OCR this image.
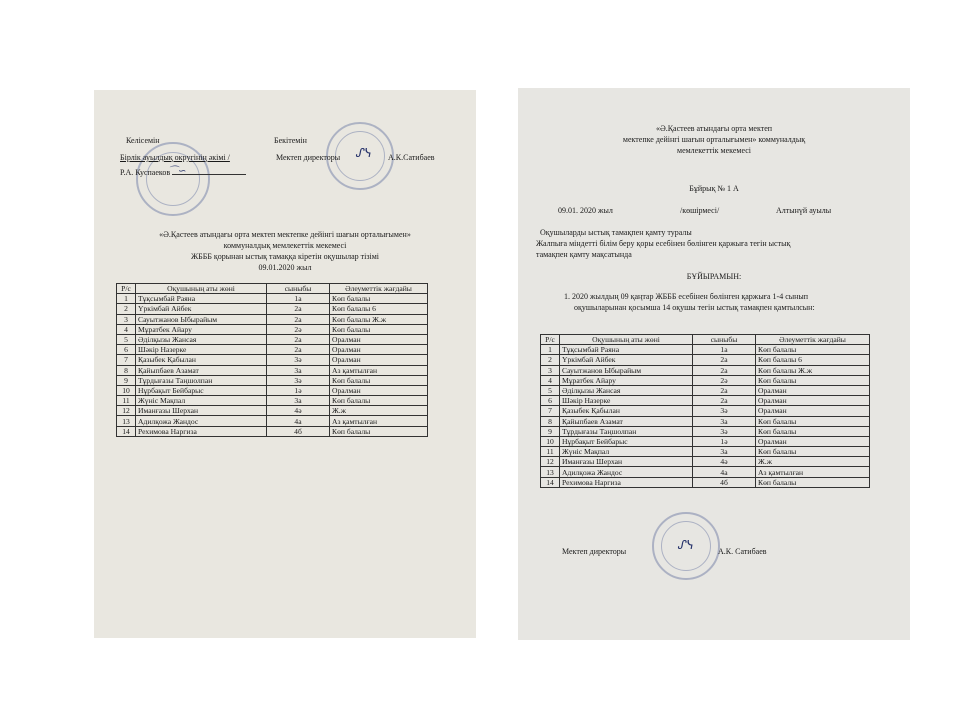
ᔑᓭ
⌒∽
Келісемін	Бекітемін
Бірлік ауылдық округінің әкімі /	Мектеп директоры	А.К.Сатибаев
Р.А. Куспаеков
«Ә.Қастеев атындағы орта мектеп мектепке дейінгі шағын орталығымен»
коммуналдық мемлекеттік мекемесі
ЖБББ қорынан ыстық тамаққа кіретін оқушылар тізімі
09.01.2020 жыл
Р/с	Оқушының аты жөні	сыныбы	Әлеуметтік жағдайы
1	Тұқсымбай Раяна	1а	Көп балалы
2	Үркімбай Айбек	2а	Көп балалы 6
3	Сауытжанов Ыбырайым	2а	Көп балалы Ж.ж
4	Мұратбек Айару	2ә	Көп балалы
5	Әділқызы Жансая	2а	Оралман
6	Шәкір Назерке	2а	Оралман
7	Қазыбек Қабылан	3ә	Оралман
8	Қайыпбаев Азамат	3а	Аз қамтылған
9	Тұрдығазы Таңшолпан	3ә	Көп балалы
10	Нұрбақыт Бейбарыс	1ә	Оралман
11	Жүніс Мақпал	3а	Көп балалы
12	Иманғазы Шерхан	4ә	Ж.ж
13	Адилқожа Жандос	4а	Аз қамтылған
14	Рехимова Наргиза	4б	Көп балалы
«Ә.Қастеев атындағы орта мектеп
мектепке дейінгі шағын орталығымен» коммуналдық
мемлекеттік мекемесі
Бұйрық № 1 А
09.01. 2020 жыл	/көшірмесі/	Алтынүй ауылы
Оқушыларды ыстық тамақпен қамту туралы
Жалпыға міндетті білім беру қоры есебінен бөлінген қаржыға тегін ыстық
тамақпен қамту мақсатында
БҰЙЫРАМЫН:
1. 2020 жылдың 09 қаңтар ЖБББ есебінен бөлінген қаржыға 1-4 сынып
оқушыларынан қосымша 14 оқушы тегін ыстық тамақпен қамтылсын:
Р/с	Оқушының аты жөні	сыныбы	Әлеуметтік жағдайы
1	Тұқсымбай Раяна	1а	Көп балалы
2	Үркімбай Айбек	2а	Көп балалы 6
3	Сауытжанов Ыбырайым	2а	Көп балалы Ж.ж
4	Мұратбек Айару	2ә	Көп балалы
5	Әділқызы Жансая	2а	Оралман
6	Шәкір Назерке	2а	Оралман
7	Қазыбек Қабылан	3ә	Оралман
8	Қайыпбаев Азамат	3а	Көп балалы
9	Тұрдығазы Таңшолпан	3ә	Көп балалы
10	Нұрбақыт Бейбарыс	1ә	Оралман
11	Жүніс Мақпал	3а	Көп балалы
12	Иманғазы Шерхан	4ә	Ж.ж
13	Адилқожа Жандос	4а	Аз қамтылған
14	Рехимова Наргиза	4б	Көп балалы
ᔑᓭ
Мектеп директоры	А.К. Сатибаев
